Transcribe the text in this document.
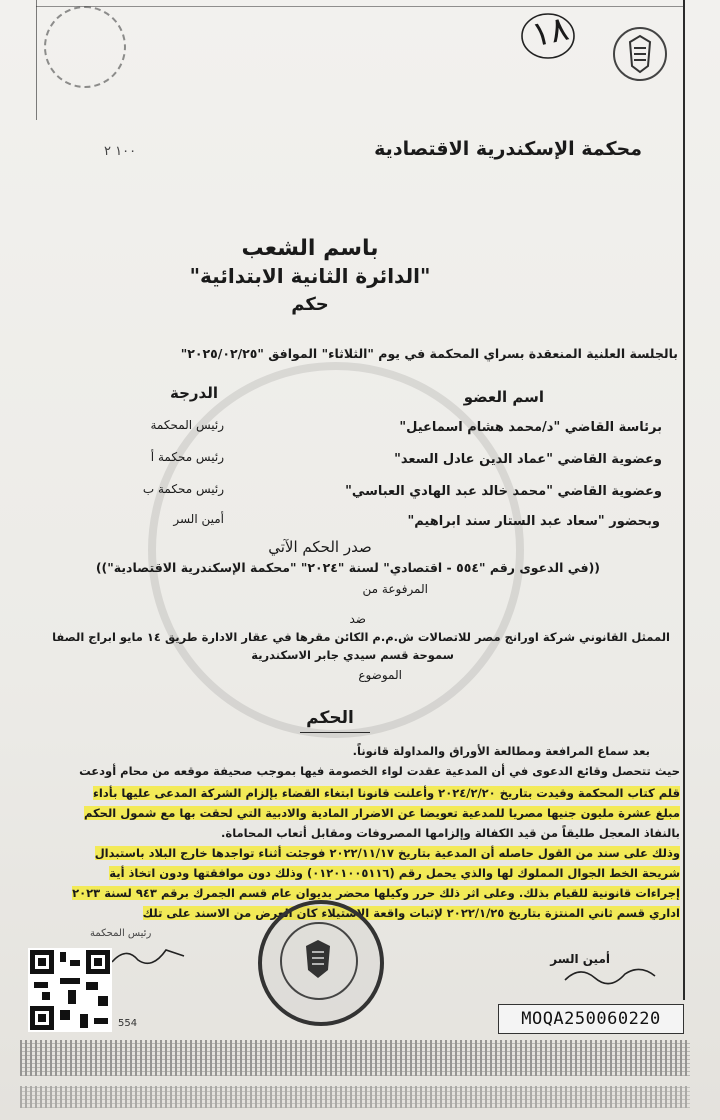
١٨
محكمة الإسكندرية الاقتصادية
١٠٠ ٢
باسم الشعب
"الدائرة الثانية الابتدائية"
حكم
بالجلسة العلنية المنعقدة بسراي المحكمة في يوم "الثلاثاء" الموافق "٢٠٢٥/٠٢/٢٥"
اسم العضو
الدرجة
برئاسة القاضي "د/محمد هشام اسماعيل"
رئيس المحكمة
وعضوية القاضي "عماد الدين عادل السعد"
رئيس محكمة أ
وعضوية القاضي "محمد خالد عبد الهادي العباسي"
رئيس محكمة ب
وبحضور "سعاد عبد الستار سند ابراهيم"
أمين السر
صدر الحكم الآتي
((في الدعوى رقم "٥٥٤ - اقتصادي" لسنة "٢٠٢٤" "محكمة الإسكندرية الاقتصادية"))
المرفوعة من
ضد
الممثل القانوني شركة اورانج مصر للاتصالات ش.م.م الكائن مقرها في عقار الادارة طريق ١٤ مايو ابراج الصفا
سموحة قسم سيدي جابر الاسكندرية
الموضوع
الحكم
بعد سماع المرافعة ومطالعة الأوراق والمداولة قانوناً.
حيث تتحصل وقائع الدعوى في أن المدعية عقدت لواء الخصومة فيها بموجب صحيفة موقعه من محام أودعت
قلم كتاب المحكمة وقيدت بتاريخ ٢٠٢٤/٢/٢٠ وأعلنت قانونا ابتغاء القضاء بإلزام الشركة المدعى عليها بأداء
مبلغ عشرة مليون جنيها مصريا للمدعية تعويضا عن الاضرار المادية والادبية التي لحقت بها مع شمول الحكم
بالنفاذ المعجل طليقاً من قيد الكفالة وإلزامها المصروفات ومقابل أتعاب المحاماة.
وذلك على سند من القول حاصله أن المدعية بتاريخ ٢٠٢٢/١١/١٧ فوجئت أثناء تواجدها خارج البلاد باستبدال
شريحة الخط الجوال المملوك لها والذي يحمل رقم (٠١٢٠١٠٠٥١١٦) وذلك دون موافقتها ودون اتخاذ أية
إجراءات قانونية للقيام بذلك. وعلى اثر ذلك حرر وكيلها محضر بديوان عام قسم الجمرك برقم ٩٤٣ لسنة ٢٠٢٣
اداري قسم ثاني المنتزة بتاريخ ٢٠٢٢/١/٢٥ لإثبات واقعة الاستيلاء كان العرض من الاسند على تلك
أمين السر
رئيس المحكمة
554	MOQA250060220
